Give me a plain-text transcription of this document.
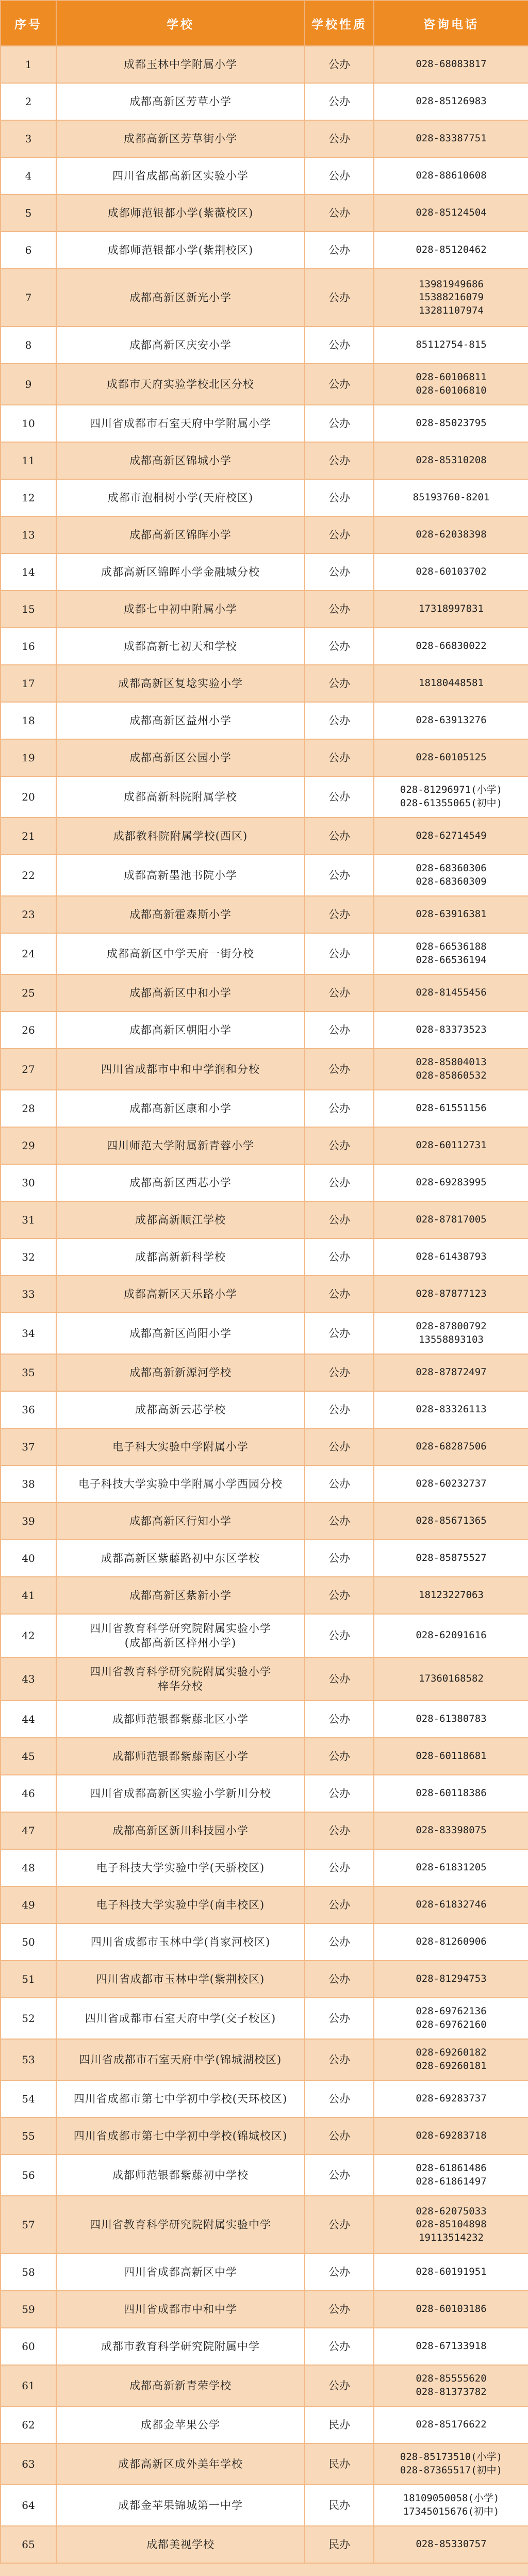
序号	学校	学校性质	咨询电话
1	成都玉林中学附属小学	公办	028-68083817
2	成都高新区芳草小学	公办	028-85126983
3	成都高新区芳草街小学	公办	028-83387751
4	四川省成都高新区实验小学	公办	028-88610608
5	成都师范银都小学(紫薇校区)	公办	028-85124504
6	成都师范银都小学(紫荆校区)	公办	028-85120462
7	成都高新区新光小学	公办	13981949686
15388216079
13281107974
8	成都高新区庆安小学	公办	85112754-815
9	成都市天府实验学校北区分校	公办	028-60106811
028-60106810
10	四川省成都市石室天府中学附属小学	公办	028-85023795
11	成都高新区锦城小学	公办	028-85310208
12	成都市泡桐树小学(天府校区)	公办	85193760-8201
13	成都高新区锦晖小学	公办	028-62038398
14	成都高新区锦晖小学金融城分校	公办	028-60103702
15	成都七中初中附属小学	公办	17318997831
16	成都高新七初天和学校	公办	028-66830022
17	成都高新区复埝实验小学	公办	18180448581
18	成都高新区益州小学	公办	028-63913276
19	成都高新区公园小学	公办	028-60105125
20	成都高新科院附属学校	公办	028-81296971(小学)
028-61355065(初中)
21	成都教科院附属学校(西区)	公办	028-62714549
22	成都高新墨池书院小学	公办	028-68360306
028-68360309
23	成都高新霍森斯小学	公办	028-63916381
24	成都高新区中学天府一街分校	公办	028-66536188
028-66536194
25	成都高新区中和小学	公办	028-81455456
26	成都高新区朝阳小学	公办	028-83373523
27	四川省成都市中和中学润和分校	公办	028-85804013
028-85860532
28	成都高新区康和小学	公办	028-61551156
29	四川师范大学附属新青蓉小学	公办	028-60112731
30	成都高新区西芯小学	公办	028-69283995
31	成都高新顺江学校	公办	028-87817005
32	成都高新新科学校	公办	028-61438793
33	成都高新区天乐路小学	公办	028-87877123
34	成都高新区尚阳小学	公办	028-87800792
13558893103
35	成都高新新源河学校	公办	028-87872497
36	成都高新云芯学校	公办	028-83326113
37	电子科大实验中学附属小学	公办	028-68287506
38	电子科技大学实验中学附属小学西园分校	公办	028-60232737
39	成都高新区行知小学	公办	028-85671365
40	成都高新区紫藤路初中东区学校	公办	028-85875527
41	成都高新区紫新小学	公办	18123227063
42	四川省教育科学研究院附属实验小学
(成都高新区梓州小学)	公办	028-62091616
43	四川省教育科学研究院附属实验小学
梓华分校	公办	17360168582
44	成都师范银都紫藤北区小学	公办	028-61380783
45	成都师范银都紫藤南区小学	公办	028-60118681
46	四川省成都高新区实验小学新川分校	公办	028-60118386
47	成都高新区新川科技园小学	公办	028-83398075
48	电子科技大学实验中学(天骄校区)	公办	028-61831205
49	电子科技大学实验中学(南丰校区)	公办	028-61832746
50	四川省成都市玉林中学(肖家河校区)	公办	028-81260906
51	四川省成都市玉林中学(紫荆校区)	公办	028-81294753
52	四川省成都市石室天府中学(交子校区)	公办	028-69762136
028-69762160
53	四川省成都市石室天府中学(锦城湖校区)	公办	028-69260182
028-69260181
54	四川省成都市第七中学初中学校(天环校区)	公办	028-69283737
55	四川省成都市第七中学初中学校(锦城校区)	公办	028-69283718
56	成都师范银都紫藤初中学校	公办	028-61861486
028-61861497
57	四川省教育科学研究院附属实验中学	公办	028-62075033
028-85104898
19113514232
58	四川省成都高新区中学	公办	028-60191951
59	四川省成都市中和中学	公办	028-60103186
60	成都市教育科学研究院附属中学	公办	028-67133918
61	成都高新新青荣学校	公办	028-85555620
028-81373782
62	成都金苹果公学	民办	028-85176622
63	成都高新区成外美年学校	民办	028-85173510(小学)
028-87365517(初中)
64	成都金苹果锦城第一中学	民办	18109050058(小学)
17345015676(初中)
65	成都美视学校	民办	028-85330757
